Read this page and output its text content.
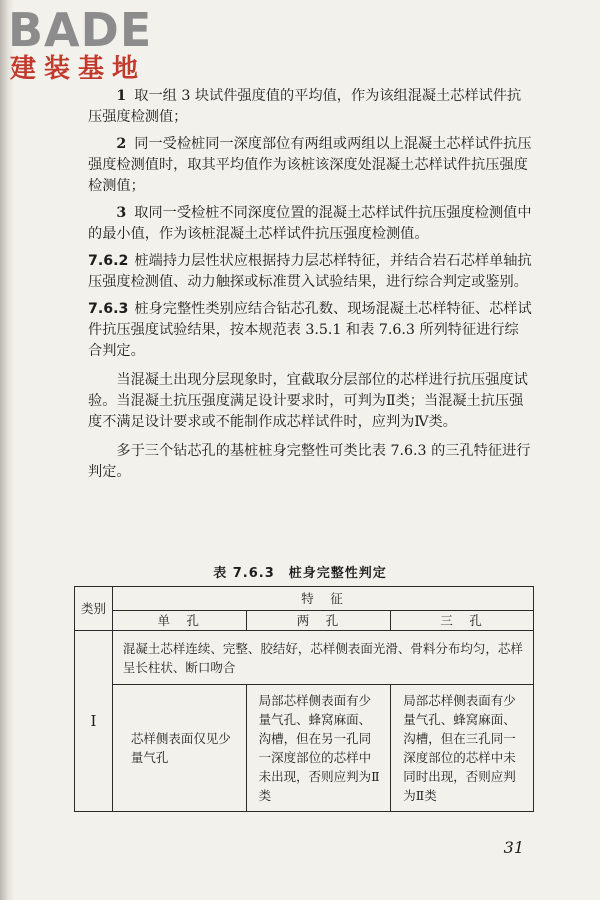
BADE
建装基地

1 取一组 3 块试件强度值的平均值，作为该组混凝土芯样试件抗压强度检测值；

2 同一受检桩同一深度部位有两组或两组以上混凝土芯样试件抗压强度检测值时，取其平均值作为该桩该深度处混凝土芯样试件抗压强度检测值；

3 取同一受检桩不同深度位置的混凝土芯样试件抗压强度检测值中的最小值，作为该桩混凝土芯样试件抗压强度检测值。

7.6.2 桩端持力层性状应根据持力层芯样特征，并结合岩石芯样单轴抗压强度检测值、动力触探或标准贯入试验结果，进行综合判定或鉴别。

7.6.3 桩身完整性类别应结合钻芯孔数、现场混凝土芯样特征、芯样试件抗压强度试验结果，按本规范表 3.5.1 和表 7.6.3 所列特征进行综合判定。

当混凝土出现分层现象时，宜截取分层部位的芯样进行抗压强度试验。当混凝土抗压强度满足设计要求时，可判为Ⅱ类；当混凝土抗压强度不满足设计要求或不能制作成芯样试件时，应判为Ⅳ类。

多于三个钻芯孔的基桩桩身完整性可类比表 7.6.3 的三孔特征进行判定。

表 7.6.3　桩身完整性判定
类别	特　征		
	单　孔	两　孔	三　孔
Ⅰ	混凝土芯样连续、完整、胶结好，芯样侧表面光滑、骨料分布均匀，芯样呈长柱状、断口吻合		
	芯样侧表面仅见少量气孔	局部芯样侧表面有少量气孔、蜂窝麻面、沟槽，但在另一孔同一深度部位的芯样中未出现，否则应判为Ⅱ类	局部芯样侧表面有少量气孔、蜂窝麻面、沟槽，但在三孔同一深度部位的芯样中未同时出现，否则应判为Ⅱ类
31
